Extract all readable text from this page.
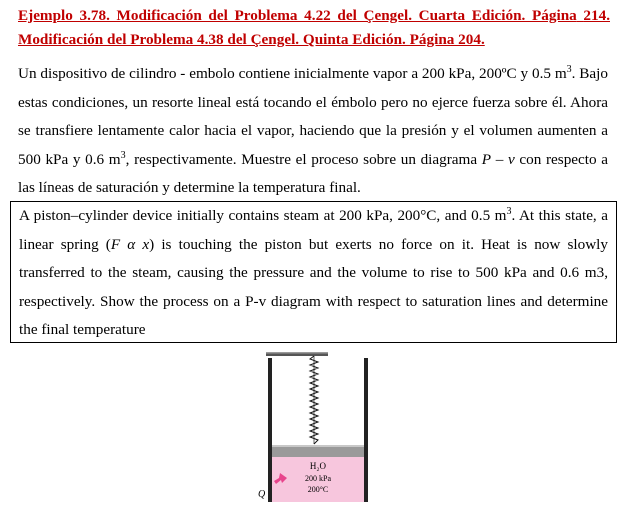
Ejemplo 3.78. Modificación del Problema 4.22 del Çengel. Cuarta Edición. Página 214. Modificación del Problema 4.38 del Çengel. Quinta Edición. Página 204.
Un dispositivo de cilindro - embolo contiene inicialmente vapor a 200 kPa, 200ºC y 0.5 $m^3$. Bajo estas condiciones, un resorte lineal está tocando el émbolo pero no ejerce fuerza sobre él. Ahora se transfiere lentamente calor hacia el vapor, haciendo que la presión y el volumen aumenten a 500 kPa y 0.6 $m^3$, respectivamente. Muestre el proceso sobre un diagrama P – v con respecto a las líneas de saturación y determine la temperatura final.
A piston–cylinder device initially contains steam at 200 kPa, 200°C, and 0.5 $m^3$. At this state, a linear spring (F α x) is touching the piston but exerts no force on it. Heat is now slowly transferred to the steam, causing the pressure and the volume to rise to 500 kPa and 0.6 m3, respectively. Show the process on a P-v diagram with respect to saturation lines and determine the final temperature
H₂O
200 kPa
200°C
Q
